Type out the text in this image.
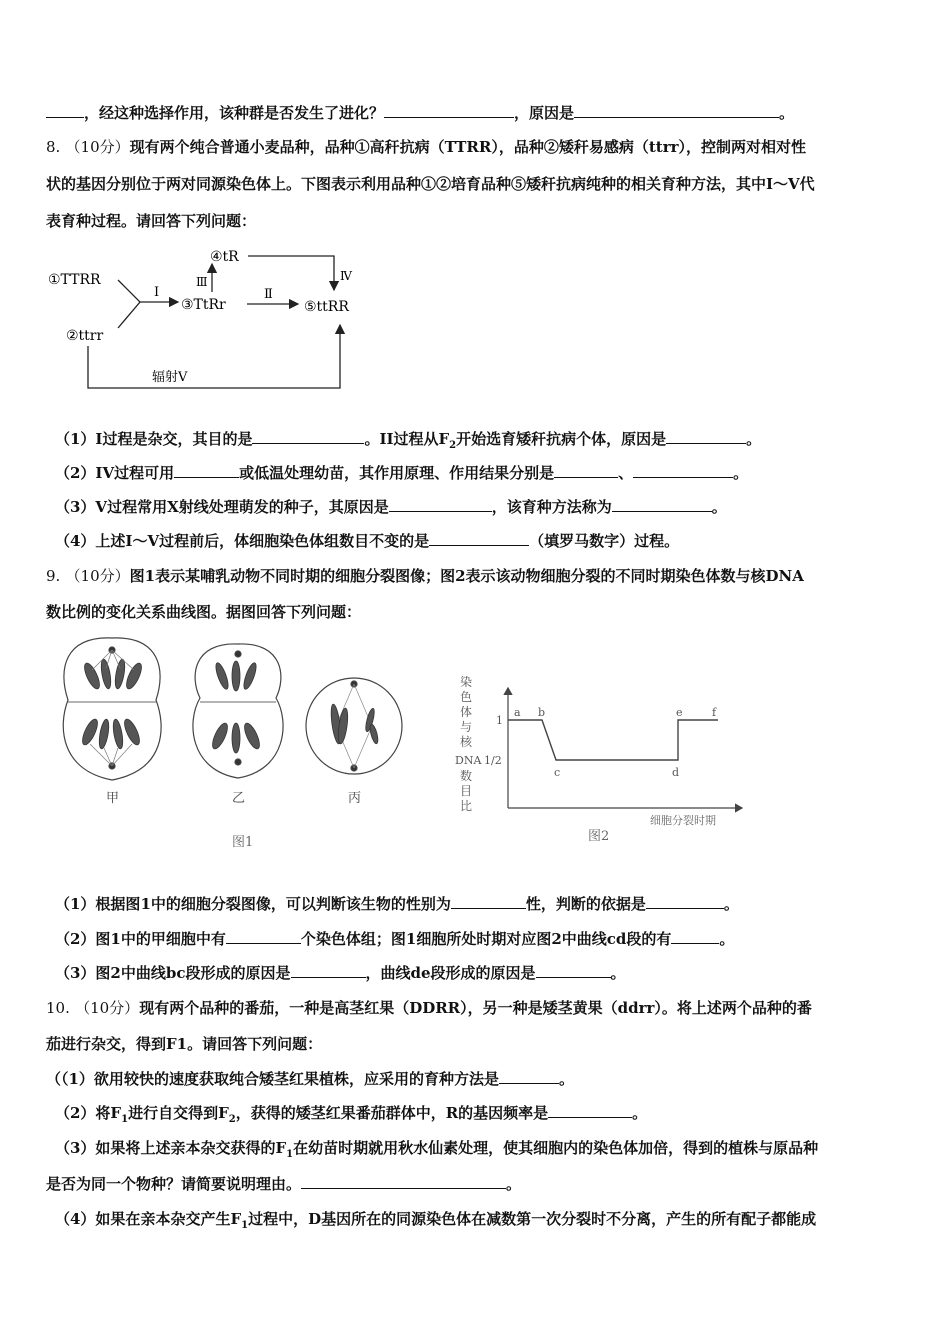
，经这种选择作用，该种群是否发生了进化？	，原因是	。
8. （10分）现有两个纯合普通小麦品种，品种①高秆抗病（TTRR），品种②矮秆易感病（ttrr），控制两对相对性
状的基因分别位于两对同源染色体上。下图表示利用品种①②培育品种⑤矮秆抗病纯种的相关育种方法，其中Ⅰ～Ⅴ代
表育种过程。请回答下列问题：
①TTRR
②ttrr
Ⅰ
③TtRr
Ⅱ
⑤ttRR
Ⅲ
④tR
Ⅳ
辐射Ⅴ
（1）I过程是杂交，其目的是	。II过程从$F_2$开始选育矮秆抗病个体，原因是	。
（2）IV过程可用	或低温处理幼苗，其作用原理、作用结果分别是	、	。
（3）V过程常用X射线处理萌发的种子，其原因是	，该育种方法称为	。
（4）上述Ⅰ～Ⅴ过程前后，体细胞染色体组数目不变的是	（填罗马数字）过程。
9. （10分）图1表示某哺乳动物不同时期的细胞分裂图像；图2表示该动物细胞分裂的不同时期染色体数与核DNA
数比例的变化关系曲线图。据图回答下列问题：
甲	乙	丙
图1
染
色
体
与
核
DNA
数
目
比
1
1/2
a b
c	d
e	f
细胞分裂时期
图2
（1）根据图1中的细胞分裂图像，可以判断该生物的性别为	性，判断的依据是	。
（2）图1中的甲细胞中有	个染色体组；图1细胞所处时期对应图2中曲线cd段的有	。
（3）图2中曲线bc段形成的原因是	，曲线de段形成的原因是	。
10. （10分）现有两个品种的番茄，一种是高茎红果（DDRR），另一种是矮茎黄果（ddrr）。将上述两个品种的番
茄进行杂交，得到F1。请回答下列问题：
（（1）欲用较快的速度获取纯合矮茎红果植株，应采用的育种方法是	。
（2）将$F_1$进行自交得到$F_2$，获得的矮茎红果番茄群体中，R的基因频率是	。
（3）如果将上述亲本杂交获得的$F_1$在幼苗时期就用秋水仙素处理，使其细胞内的染色体加倍，得到的植株与原品种
是否为同一个物种？请简要说明理由。	。
（4）如果在亲本杂交产生$F_1$过程中，D基因所在的同源染色体在减数第一次分裂时不分离，产生的所有配子都能成
